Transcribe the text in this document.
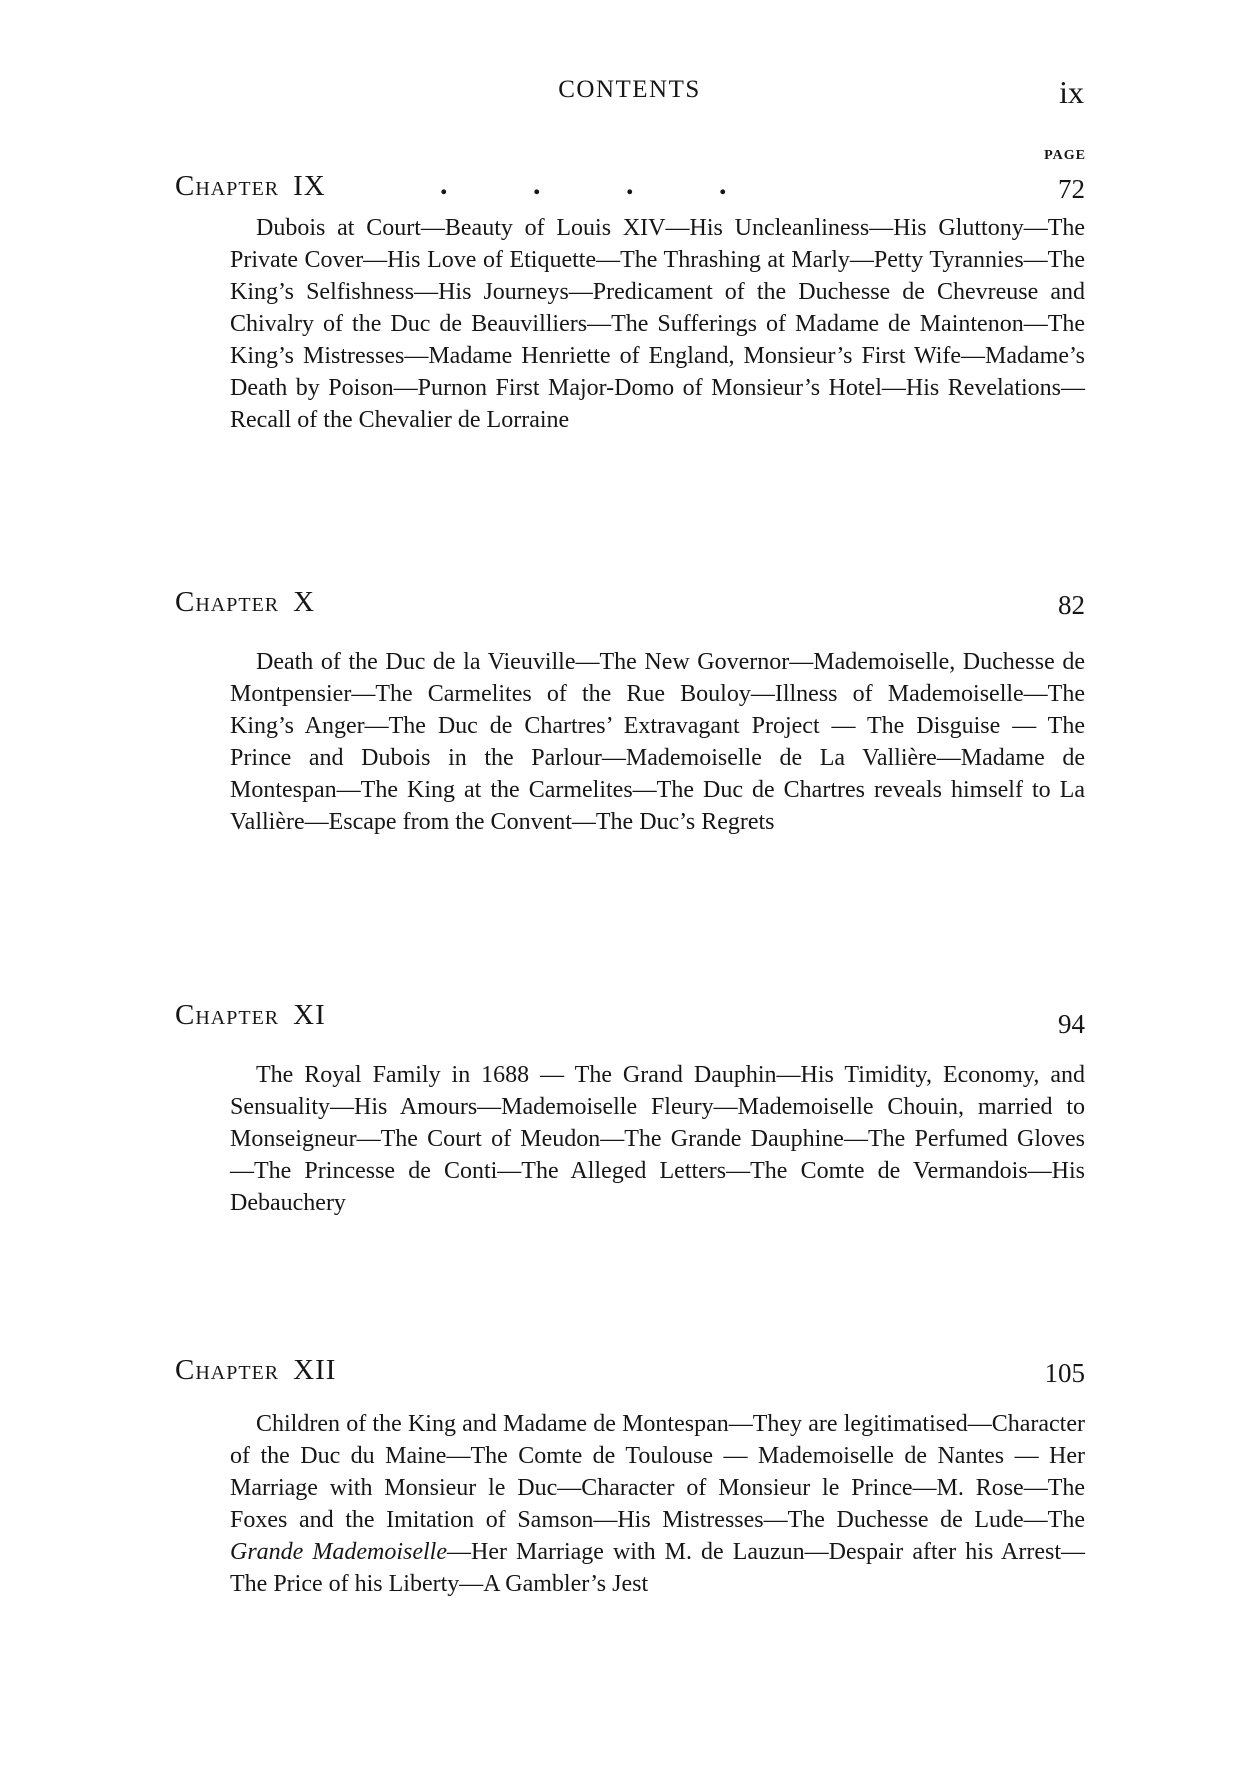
CONTENTS	ix
PAGE
Chapter IX	. . . .	72

Dubois at Court—Beauty of Louis XIV—His Uncleanliness—His Gluttony—The Private Cover—His Love of Etiquette—The Thrashing at Marly—Petty Tyrannies—The King’s Selfishness—His Journeys—Predicament of the Duchesse de Chevreuse and Chivalry of the Duc de Beauvilliers—The Sufferings of Madame de Maintenon—The King’s Mistresses—Madame Henriette of England, Monsieur’s First Wife—Madame’s Death by Poison—Purnon First Major-Domo of Monsieur’s Hotel—His Revelations—Recall of the Chevalier de Lorraine

Chapter X	82

Death of the Duc de la Vieuville—The New Governor—Mademoiselle, Duchesse de Montpensier—The Carmelites of the Rue Bouloy—Illness of Mademoiselle—The King’s Anger—The Duc de Chartres’ Extravagant Project — The Disguise — The Prince and Dubois in the Parlour—Mademoiselle de La Vallière—Madame de Montespan—The King at the Carmelites—The Duc de Chartres reveals himself to La Vallière—Escape from the Convent—The Duc’s Regrets

Chapter XI	94

The Royal Family in 1688 — The Grand Dauphin—His Timidity, Economy, and Sensuality—His Amours—Mademoiselle Fleury—Mademoiselle Chouin, married to Monseigneur—The Court of Meudon—The Grande Dauphine—The Perfumed Gloves—The Princesse de Conti—The Alleged Letters—The Comte de Vermandois—His Debauchery

Chapter XII	105

Children of the King and Madame de Montespan—They are legitimatised—Character of the Duc du Maine—The Comte de Toulouse — Mademoiselle de Nantes — Her Marriage with Monsieur le Duc—Character of Monsieur le Prince—M. Rose—The Foxes and the Imitation of Samson—His Mistresses—The Duchesse de Lude—The Grande Mademoiselle—Her Marriage with M. de Lauzun—Despair after his Arrest—The Price of his Liberty—A Gambler’s Jest
